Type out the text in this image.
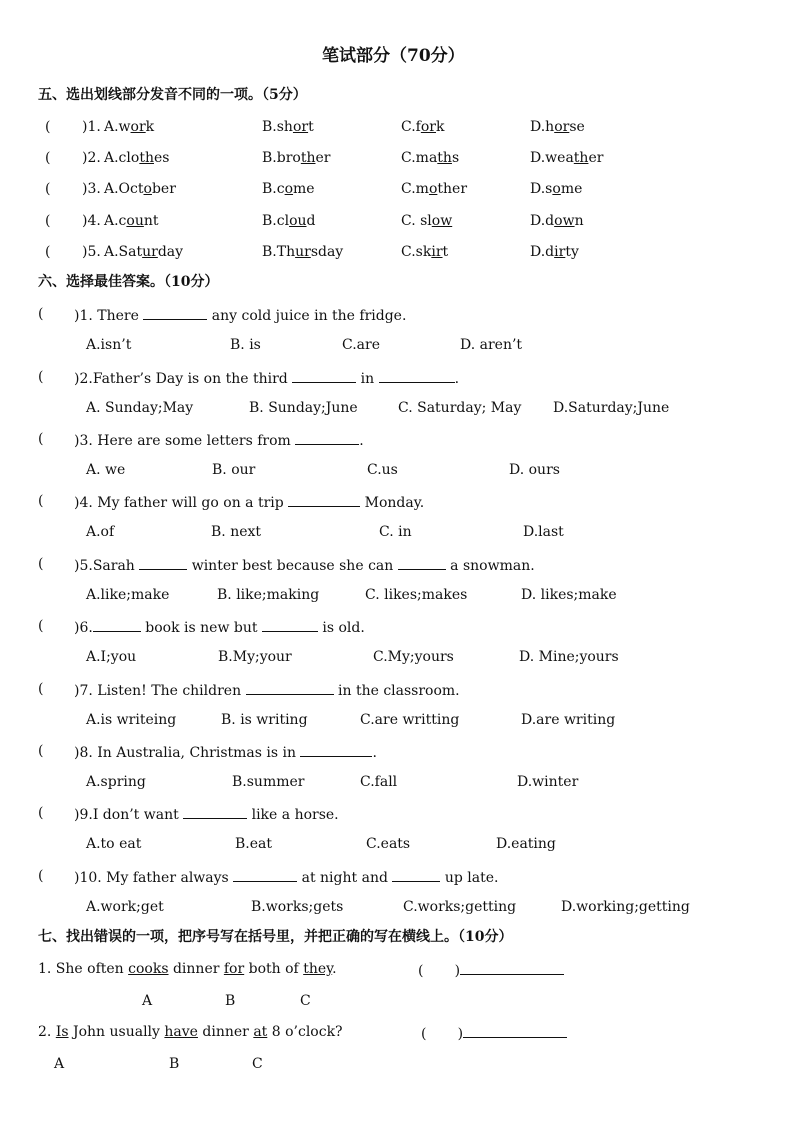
笔试部分（70分）
五、选出划线部分发音不同的一项。（5分）
( )1. A.work	B.short	C.fork	D.horse
( )2. A.clothes	B.brother	C.maths	D.weather
( )3. A.October	B.come	C.mother	D.some
( )4. A.count	B.cloud	C. slow	D.down
( )5. A.Saturday	B.Thursday	C.skirt	D.dirty
六、选择最佳答案。（10分）
( )1. There	any cold juice in the fridge.
A.isn’t	B. is	C.are	D. aren’t
( )2.Father’s Day is on the third	in	.
A. Sunday;May	B. Sunday;June	C. Saturday; May D.Saturday;June
( )3. Here are some letters from	.
A. we	B. our	C.us	D. ours
( )4. My father will go on a trip	Monday.
A.of	B. next	C. in	D.last
( )5.Sarah	winter best because she can	a snowman.
A.like;make	B. like;making	C. likes;makes	D. likes;make
( )6.	book is new but	is old.
A.I;you	B.My;your	C.My;yours	D. Mine;yours
( )7. Listen! The children	in the classroom.
A.is writeing	B. is writing	C.are writting	D.are writing
( )8. In Australia, Christmas is in	.
A.spring	B.summer	C.fall	D.winter
( )9.I don’t want	like a horse.
A.to eat	B.eat	C.eats	D.eating
( )10. My father always	at night and	up late.
A.work;get	B.works;gets	C.works;getting	D.working;getting
七、找出错误的一项，把序号写在括号里，并把正确的写在横线上。（10分）
1. She often cooks dinner for both of they.	(       )
A	B	C
2. Is John usually have dinner at 8 o’clock?	(       )
A	B	C
